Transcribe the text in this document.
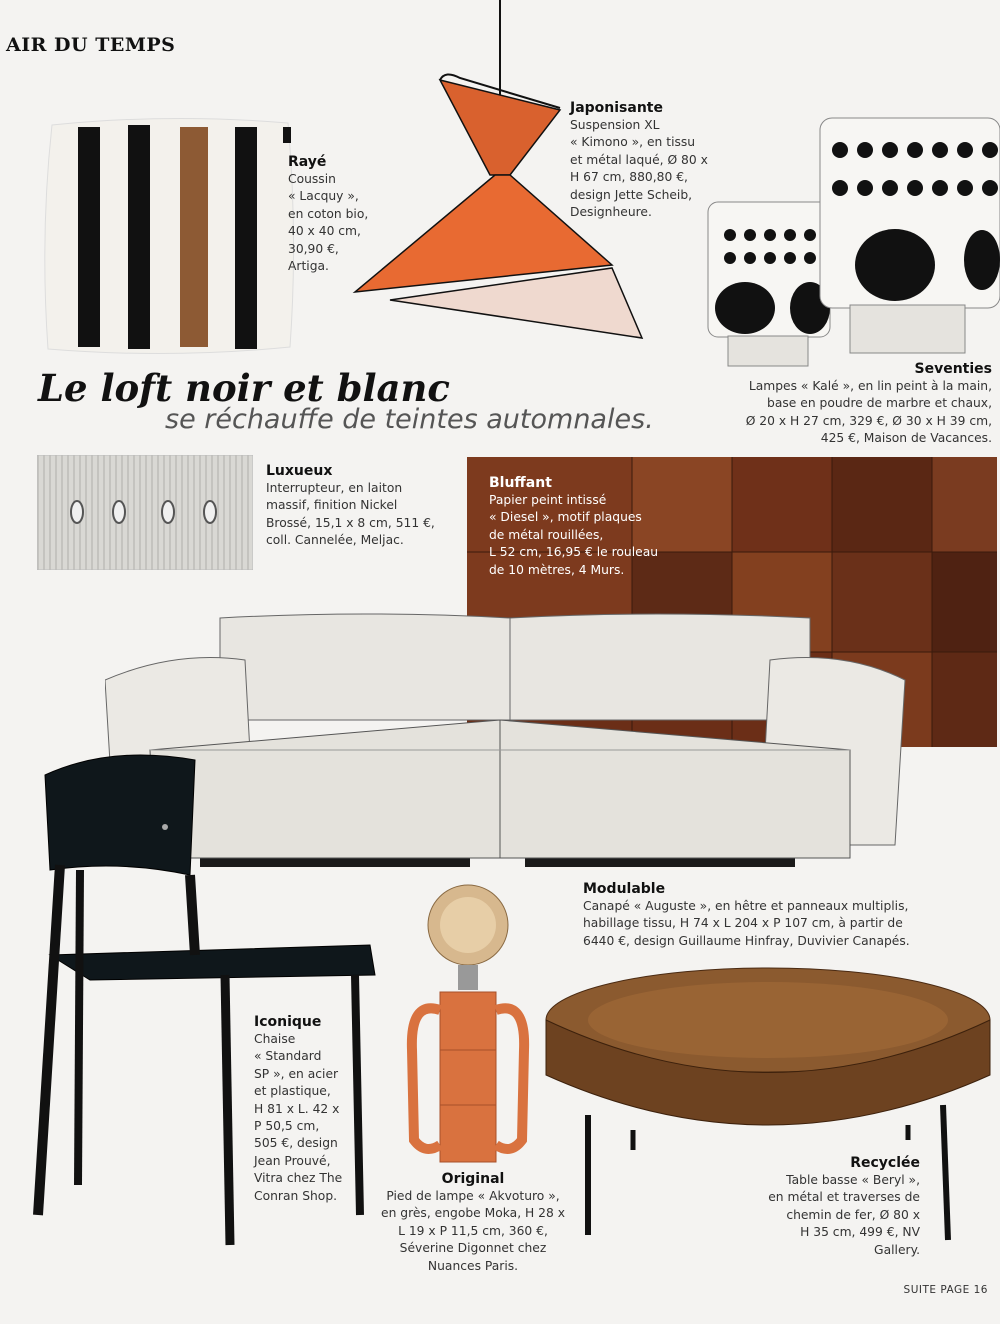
AIR DU TEMPS
Le loft noir et blanc
se réchauffe de teintes automnales.
Rayé
Coussin
« Lacquy »,
en coton bio,
40 x 40 cm,
30,90 €,
Artiga.
Japonisante
Suspension XL
« Kimono », en tissu
et métal laqué, Ø 80 x
H 67 cm, 880,80 €,
design Jette Scheib,
Designheure.
Seventies
Lampes « Kalé », en lin peint à la main,
base en poudre de marbre et chaux,
Ø 20 x H 27 cm, 329 €, Ø 30 x H 39 cm,
425 €, Maison de Vacances.
Luxueux
Interrupteur, en laiton
massif, finition Nickel
Brossé, 15,1 x 8 cm, 511 €,
coll. Cannelée, Meljac.
Bluffant
Papier peint intissé
« Diesel », motif plaques
de métal rouillées,
L 52 cm, 16,95 € le rouleau
de 10 mètres, 4 Murs.
Modulable
Canapé « Auguste », en hêtre et panneaux multiplis,
habillage tissu, H 74 x L 204 x P 107 cm, à partir de
6440 €, design Guillaume Hinfray, Duvivier Canapés.
Iconique
Chaise
« Standard
SP », en acier
et plastique,
H 81 x L. 42 x
P 50,5 cm,
505 €, design
Jean Prouvé,
Vitra chez The
Conran Shop.
Original
Pied de lampe « Akvoturo »,
en grès, engobe Moka, H 28 x
L 19 x P 11,5 cm, 360 €,
Séverine Digonnet chez
Nuances Paris.
Recyclée
Table basse « Beryl »,
en métal et traverses de
chemin de fer, Ø 80 x
H 35 cm, 499 €, NV Gallery.
SUITE PAGE 16
